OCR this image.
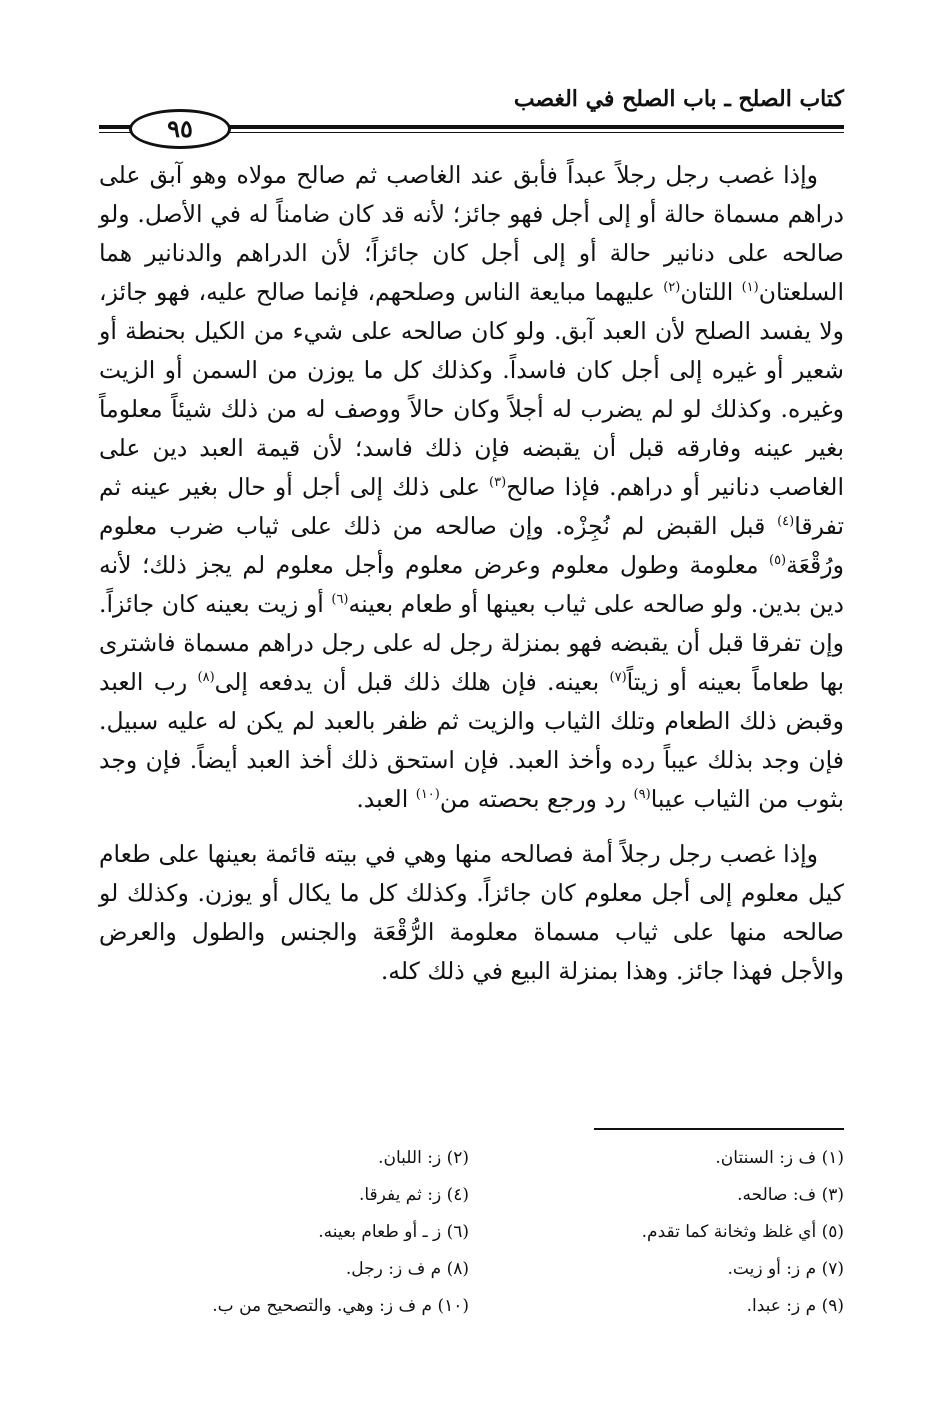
كتاب الصلح ـ باب الصلح في الغصب
٩٥

وإذا غصب رجل رجلاً عبداً فأبق عند الغاصب ثم صالح مولاه وهو آبق على دراهم مسماة حالة أو إلى أجل فهو جائز؛ لأنه قد كان ضامناً له في الأصل. ولو صالحه على دنانير حالة أو إلى أجل كان جائزاً؛ لأن الدراهم والدنانير هما السلعتان$^{(١)}$ اللتان$^{(٢)}$ عليهما مبايعة الناس وصلحهم، فإنما صالح عليه، فهو جائز، ولا يفسد الصلح لأن العبد آبق. ولو كان صالحه على شيء من الكيل بحنطة أو شعير أو غيره إلى أجل كان فاسداً. وكذلك كل ما يوزن من السمن أو الزيت وغيره. وكذلك لو لم يضرب له أجلاً وكان حالاً ووصف له من ذلك شيئاً معلوماً بغير عينه وفارقه قبل أن يقبضه فإن ذلك فاسد؛ لأن قيمة العبد دين على الغاصب دنانير أو دراهم. فإذا صالح$^{(٣)}$ على ذلك إلى أجل أو حال بغير عينه ثم تفرقا$^{(٤)}$ قبل القبض لم نُجِزْه. وإن صالحه من ذلك على ثياب ضرب معلوم ورُقْعَة$^{(٥)}$ معلومة وطول معلوم وعرض معلوم وأجل معلوم لم يجز ذلك؛ لأنه دين بدين. ولو صالحه على ثياب بعينها أو طعام بعينه$^{(٦)}$ أو زيت بعينه كان جائزاً. وإن تفرقا قبل أن يقبضه فهو بمنزلة رجل له على رجل دراهم مسماة فاشترى بها طعاماً بعينه أو زيتاً$^{(٧)}$ بعينه. فإن هلك ذلك قبل أن يدفعه إلى$^{(٨)}$ رب العبد وقبض ذلك الطعام وتلك الثياب والزيت ثم ظفر بالعبد لم يكن له عليه سبيل. فإن وجد بذلك عيباً رده وأخذ العبد. فإن استحق ذلك أخذ العبد أيضاً. فإن وجد بثوب من الثياب عيبا$^{(٩)}$ رد ورجع بحصته من$^{(١٠)}$ العبد.

وإذا غصب رجل رجلاً أمة فصالحه منها وهي في بيته قائمة بعينها على طعام كيل معلوم إلى أجل معلوم كان جائزاً. وكذلك كل ما يكال أو يوزن. وكذلك لو صالحه منها على ثياب مسماة معلومة الرُّقْعَة والجنس والطول والعرض والأجل فهذا جائز. وهذا بمنزلة البيع في ذلك كله.

(١) ف ز: السنتان.
(٣) ف: صالحه.
(٥) أي غلظ وثخانة كما تقدم.
(٧) م ز: أو زيت.
(٩) م ز: عبدا.
(٢) ز: اللبان.
(٤) ز: ثم يفرقا.
(٦) ز ـ أو طعام بعينه.
(٨) م ف ز: رجل.
(١٠) م ف ز: وهي. والتصحيح من ب.
